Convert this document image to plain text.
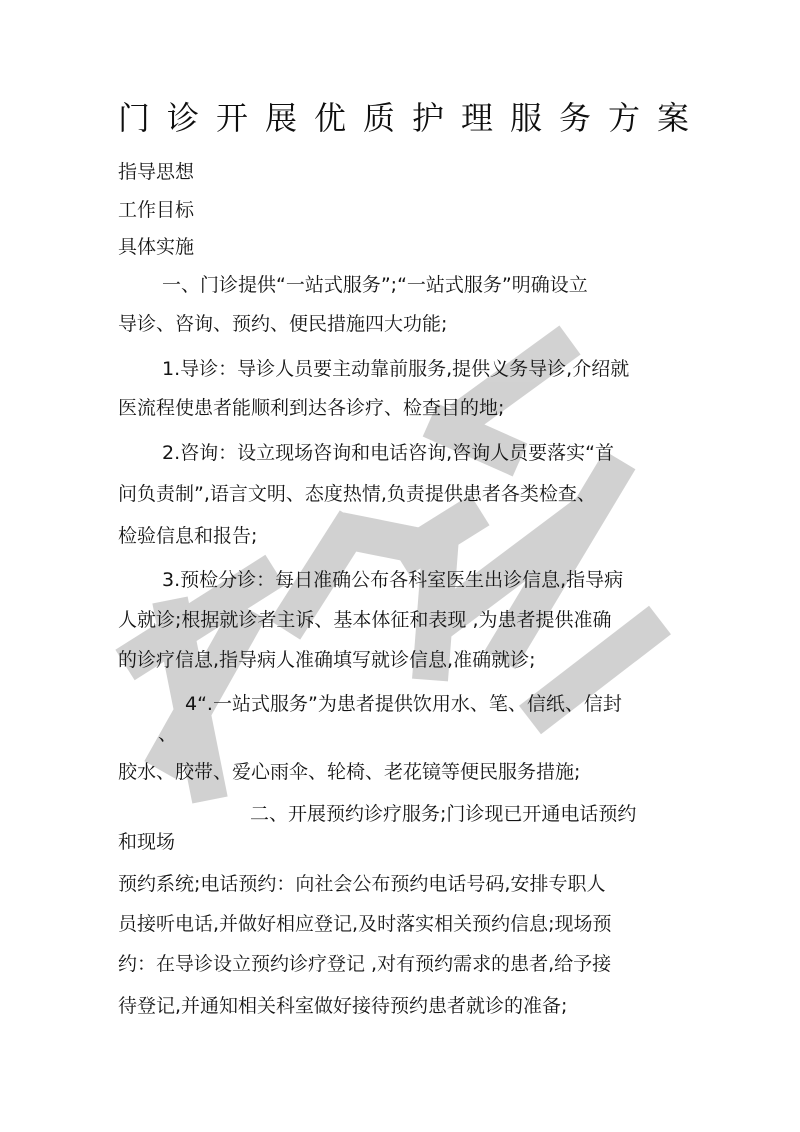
门诊开展优质护理服务方案
指导思想
工作目标
具体实施
一、门诊提供“一站式服务”;“一站式服务”明确设立
导诊、咨询、预约、便民措施四大功能;
1.导诊：导诊人员要主动靠前服务,提供义务导诊,介绍就
医流程使患者能顺利到达各诊疗、检查目的地;
2.咨询：设立现场咨询和电话咨询,咨询人员要落实“首
问负责制”,语言文明、态度热情,负责提供患者各类检查、
检验信息和报告;
3.预检分诊：每日准确公布各科室医生出诊信息,指导病
人就诊;根据就诊者主诉、基本体征和表现 ,为患者提供准确
的诊疗信息,指导病人准确填写就诊信息,准确就诊;
4“.一站式服务”为患者提供饮用水、笔、信纸、信封
、
胶水、胶带、爱心雨伞、轮椅、老花镜等便民服务措施;
二、开展预约诊疗服务;门诊现已开通电话预约
和现场
预约系统;电话预约：向社会公布预约电话号码,安排专职人
员接听电话,并做好相应登记,及时落实相关预约信息;现场预
约：在导诊设立预约诊疗登记 ,对有预约需求的患者,给予接
待登记,并通知相关科室做好接待预约患者就诊的准备;
